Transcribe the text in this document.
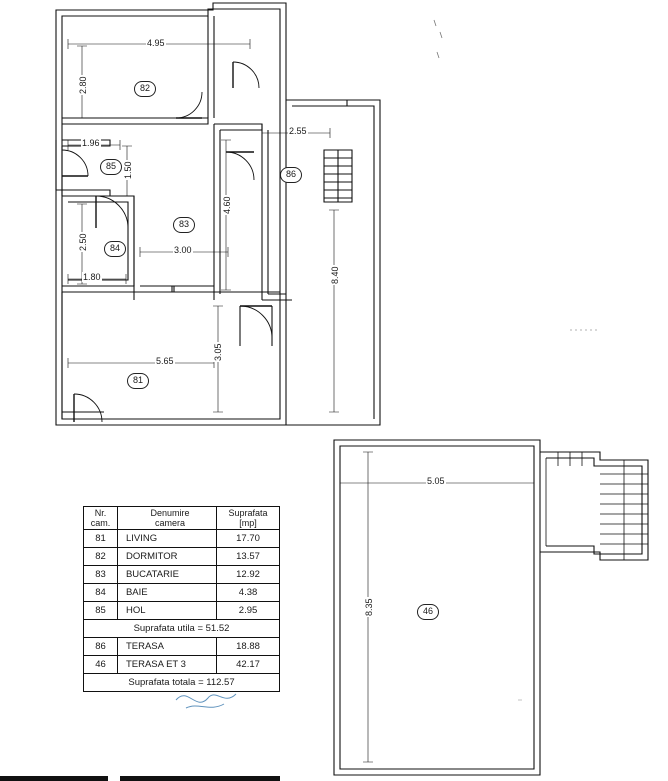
82
85
86
83
84
81
46
4.95
2.80
1.96
1.50
2.55
4.60
8.40
2.50	3.00
1.80
5.65	3.05
5.05
8.35
Nr.
cam.

Denumire
camera

Suprafata
[mp]

81	LIVING	17.70
82	DORMITOR	13.57
83	BUCATARIE	12.92
84	BAIE	4.38
85	HOL	2.95
Suprafata utila = 51.52		
86	TERASA	18.88
46	TERASA ET 3	42.17
Suprafata totala = 112.57		
